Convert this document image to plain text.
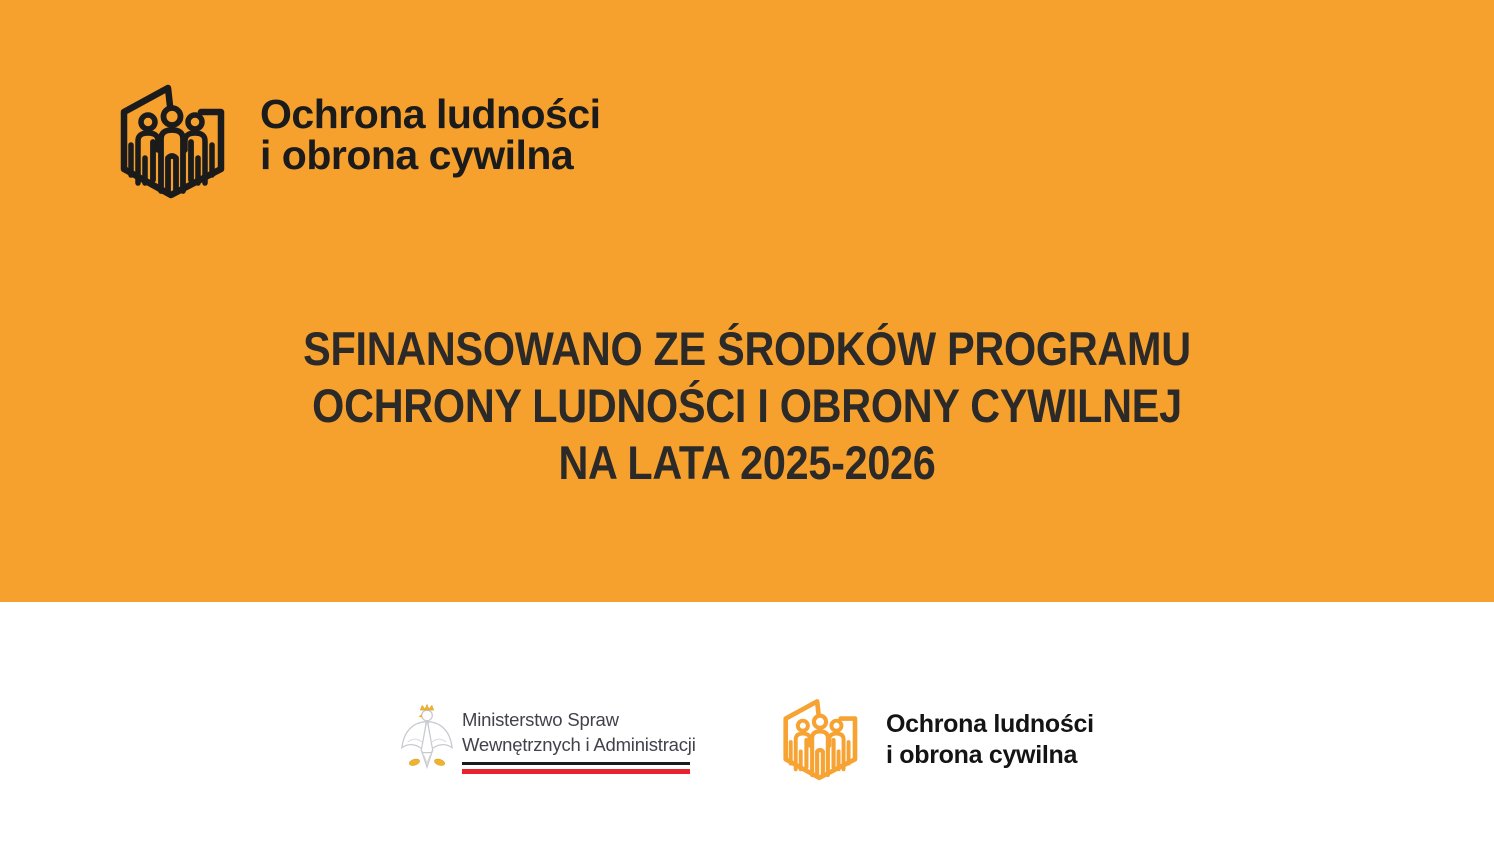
Ochrona ludności
i obrona cywilna
SFINANSOWANO ZE ŚRODKÓW PROGRAMU
OCHRONY LUDNOŚCI I OBRONY CYWILNEJ
NA LATA 2025-2026
Ministerstwo Spraw
Wewnętrznych i Administracji
Ochrona ludności
i obrona cywilna
